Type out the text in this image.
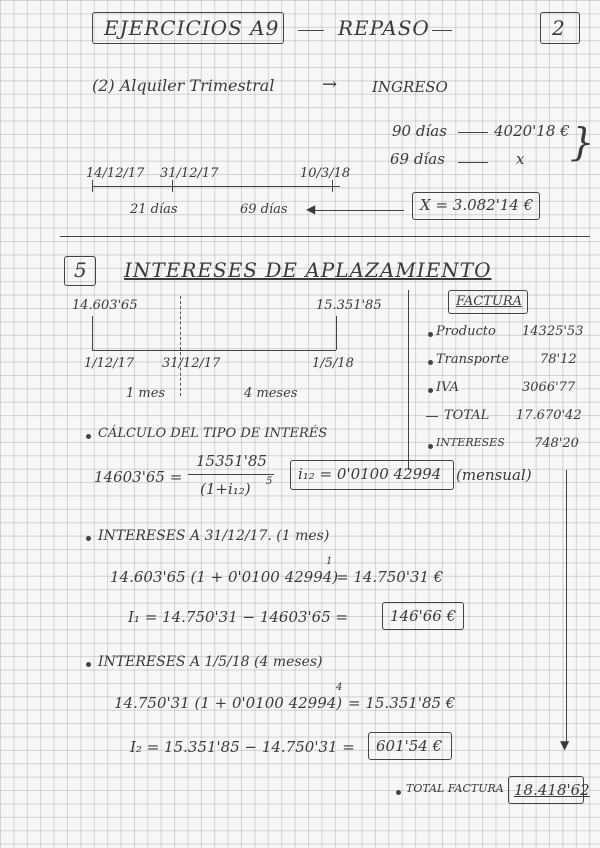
EJERCICIOS A9	REPASO	2
(2) Alquiler Trimestral	→ INGRESO
90 días	4020'18 €
69 días	x }
14/12/17 31/12/17	10/3/18
21 días	69 días ◀	X = 3.082'14 €
5 INTERESES DE APLAZAMIENTO
14.603'65	15.351'85
1/12/17 31/12/17	1/5/18
1 mes	4 meses
FACTURA
Producto 14325'53
Transporte 78'12
IVA	3066'77
TOTAL 17.670'42
INTERESES 748'20
▼
CÁLCULO DEL TIPO DE INTERÉS
14603'65 =
15351'85
(1+i₁₂) 5 i₁₂ = 0'0100 42994 (mensual)
INTERESES A 31/12/17. (1 mes)
14.603'65 (1 + 0'0100 42994)
1
= 14.750'31 €
I₁ = 14.750'31 − 14603'65 =	146'66 €
INTERESES A 1/5/18 (4 meses)
14.750'31 (1 + 0'0100 42994)
4
= 15.351'85 €
I₂ = 15.351'85 − 14.750'31 = 601'54 €
TOTAL FACTURA 18.418'62
